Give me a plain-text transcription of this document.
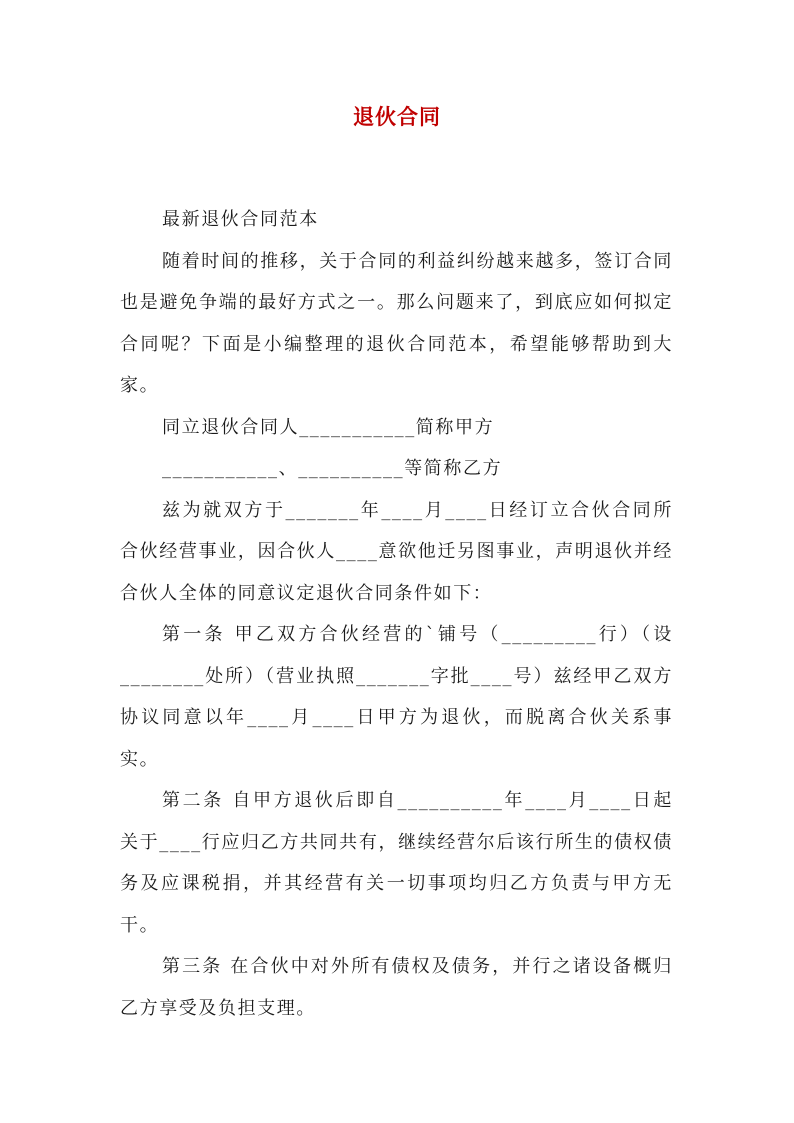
退伙合同

最新退伙合同范本

随着时间的推移，关于合同的利益纠纷越来越多，签订合同也是避免争端的最好方式之一。那么问题来了，到底应如何拟定合同呢？下面是小编整理的退伙合同范本，希望能够帮助到大家。

同立退伙合同人___________简称甲方

___________、__________等简称乙方

兹为就双方于_______年____月____日经订立合伙合同所合伙经营事业，因合伙人____意欲他迁另图事业，声明退伙并经合伙人全体的同意议定退伙合同条件如下：

第一条 甲乙双方合伙经营的`铺号（_________行）（设________处所）（营业执照_______字批____号）兹经甲乙双方协议同意以年____月____日甲方为退伙，而脱离合伙关系事实。

第二条 自甲方退伙后即自__________年____月____日起关于____行应归乙方共同共有，继续经营尔后该行所生的债权债务及应课税捐，并其经营有关一切事项均归乙方负责与甲方无干。

第三条 在合伙中对外所有债权及债务，并行之诸设备概归乙方享受及负担支理。
